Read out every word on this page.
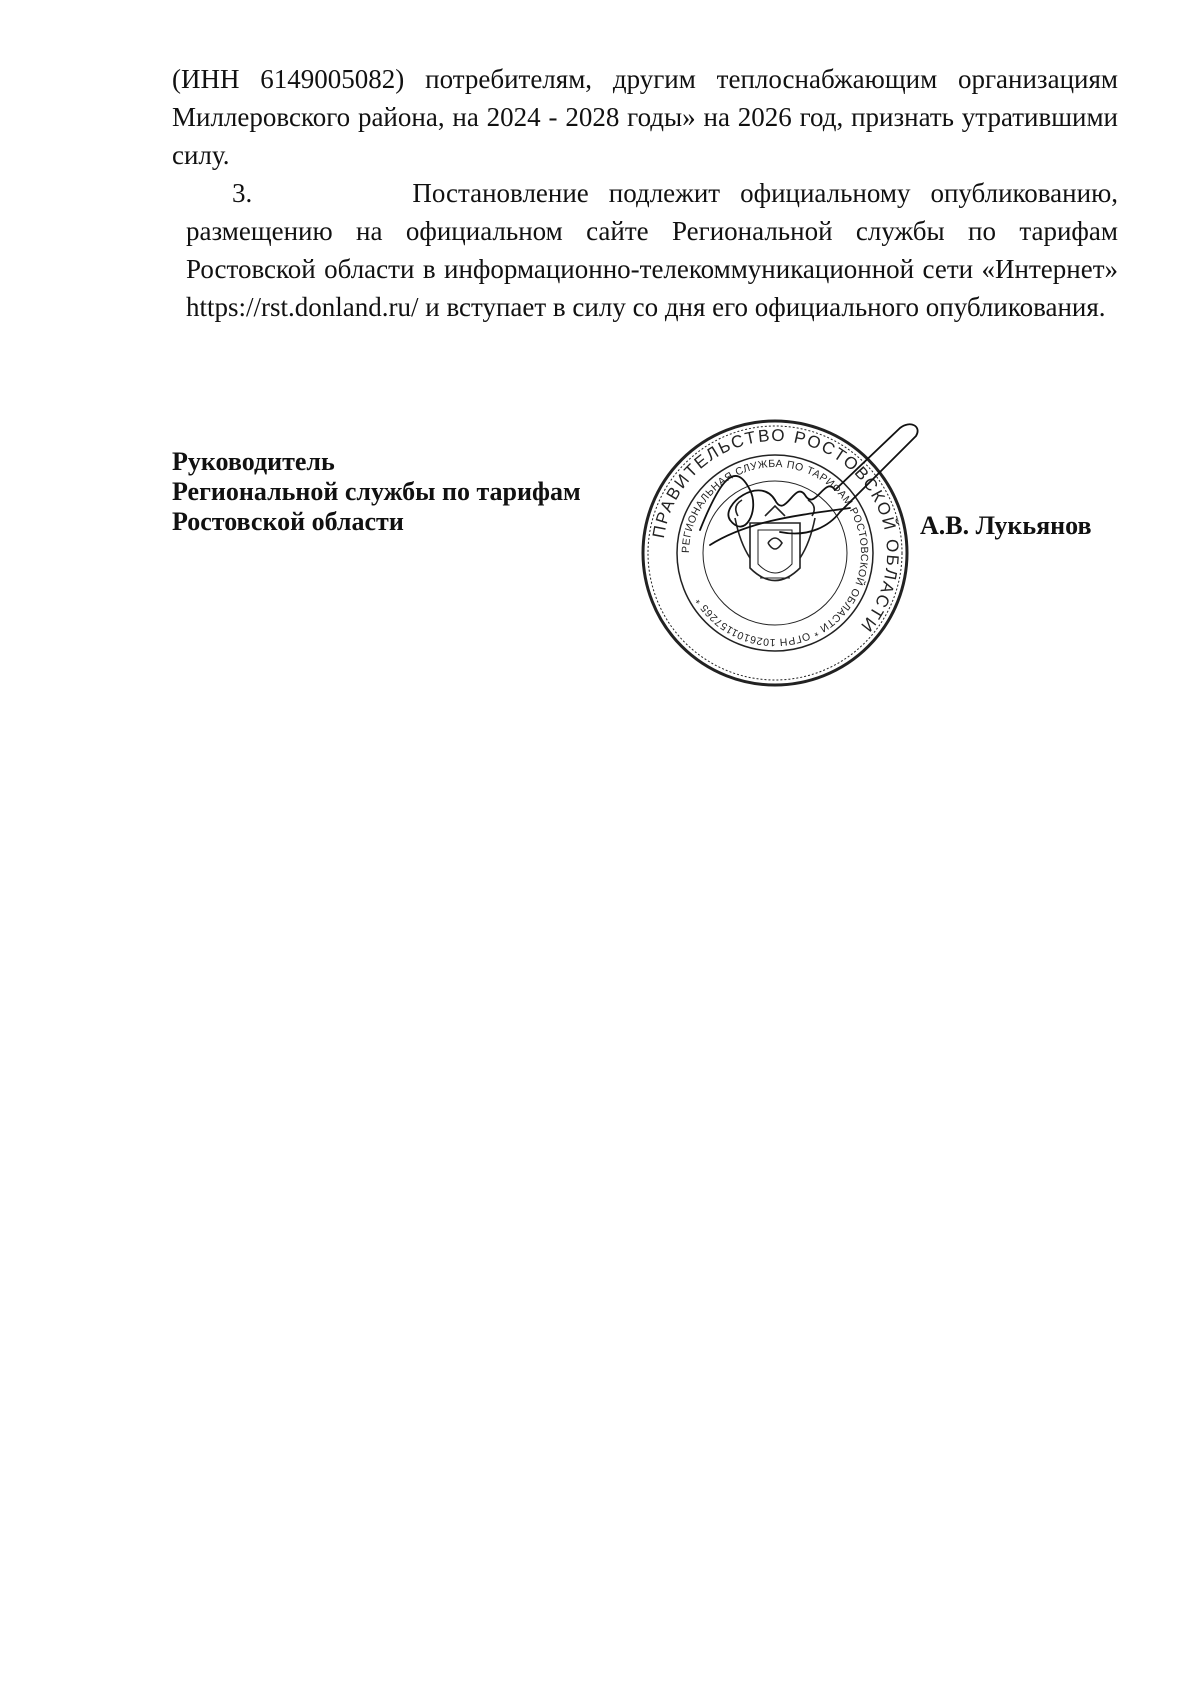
(ИНН 6149005082) потребителям, другим теплоснабжающим организациям Миллеровского района, на 2024 - 2028 годы» на 2026 год, признать утратившими силу.

3.        Постановление подлежит официальному опубликованию, размещению на официальном сайте Региональной службы по тарифам Ростовской области в информационно-телекоммуникационной сети «Интернет» https://rst.donland.ru/ и вступает в силу со дня его официального опубликования.

Руководитель
Региональной службы по тарифам
Ростовской области	ПРАВИТЕЛЬСТВО РОСТОВСКОЙ ОБЛАСТИ
РЕГИОНАЛЬНАЯ СЛУЖБА ПО ТАРИФАМ РОСТОВСКОЙ ОБЛАСТИ * ОГРН 1026101157265 *
А.В. Лукьянов
